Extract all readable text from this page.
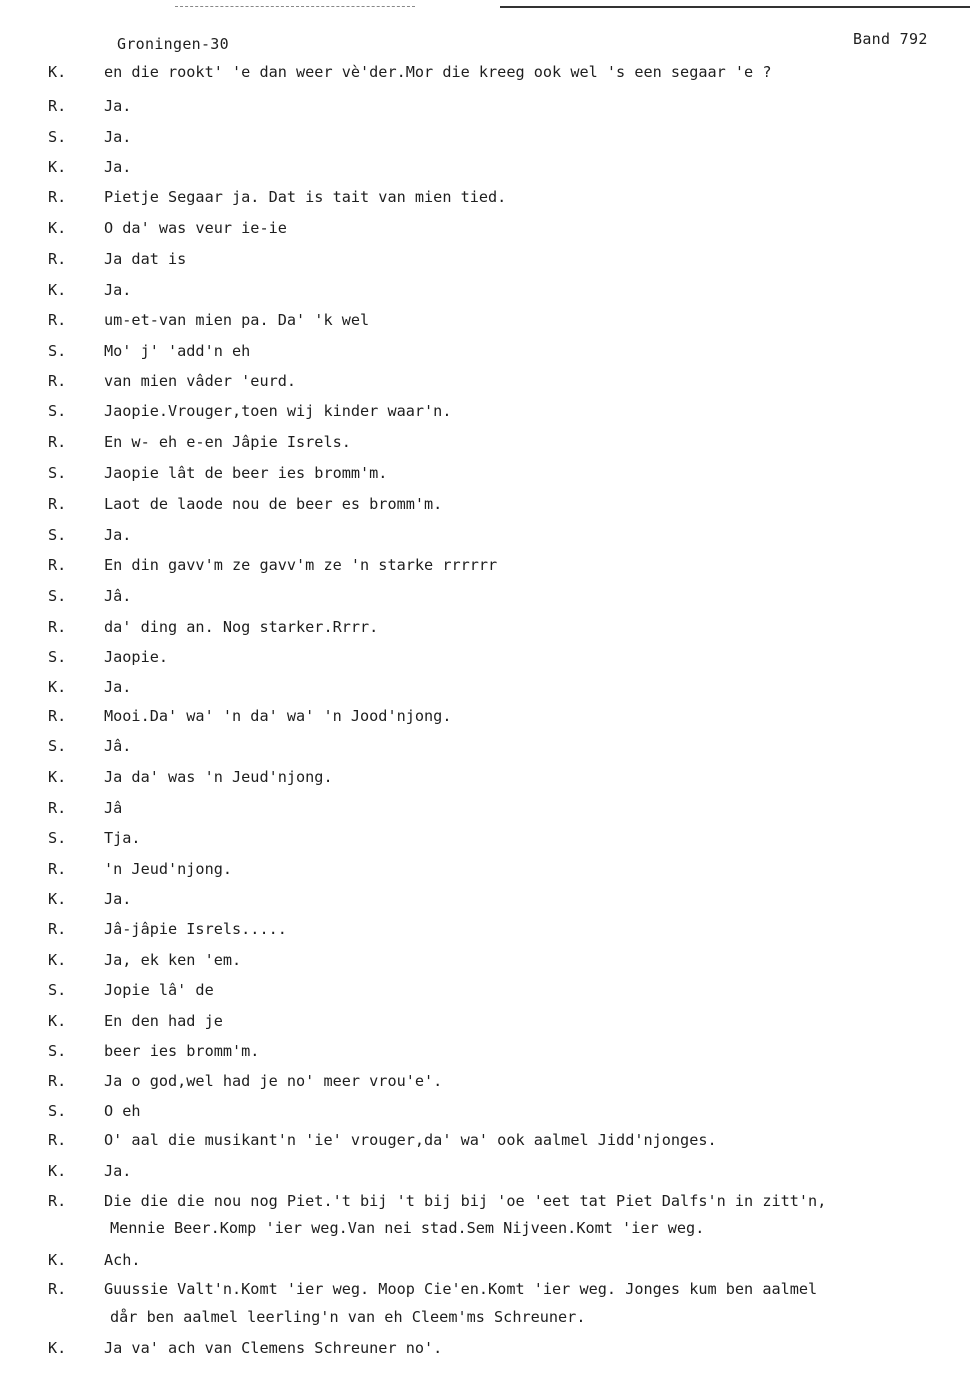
Groningen-30	Band 792
K. en die rookt' 'e dan weer vè'der.Mor die kreeg ook wel 's een segaar 'e ?
R. Ja.
S. Ja.
K. Ja.
R. Pietje Segaar ja. Dat is tait van mien tied.
K. O da' was veur ie-ie
R. Ja dat is
K. Ja.
R. um-et-van mien pa. Da' 'k wel
S. Mo' j' 'add'n eh
R. van mien vâder 'eurd.
S. Jaopie.Vrouger,toen wij kinder waar'n.
R. En w- eh e-en Jâpie Isrels.
S. Jaopie lât de beer ies bromm'm.
R. Laot de laode nou de beer es bromm'm.
S. Ja.
R. En din gavv'm ze gavv'm ze 'n starke rrrrrr
S. Jâ.
R. da' ding an. Nog starker.Rrrr.
S. Jaopie.
K. Ja.
R. Mooi.Da' wa' 'n da' wa' 'n Jood'njong.
S. Jâ.
K. Ja da' was 'n Jeud'njong.
R. Jâ
S. Tja.
R. 'n Jeud'njong.
K. Ja.
R. Jâ-jâpie Isrels.....
K. Ja, ek ken 'em.
S. Jopie lâ' de
K. En den had je
S. beer ies bromm'm.
R. Ja o god,wel had je no' meer vrou'e'.
S. O eh
R. O' aal die musikant'n 'ie' vrouger,da' wa' ook aalmel Jidd'njonges.
K. Ja.
R. Die die die nou nog Piet.'t bij 't bij bij 'oe 'eet tat Piet Dalfs'n in zitt'n,
Mennie Beer.Komp 'ier weg.Van nei stad.Sem Nijveen.Komt 'ier weg.
K. Ach.
R. Guussie Valt'n.Komt 'ier weg. Moop Cie'en.Komt 'ier weg. Jonges kum ben aalmel
dår ben aalmel leerling'n van eh Cleem'ms Schreuner.
K. Ja va' ach van Clemens Schreuner no'.
